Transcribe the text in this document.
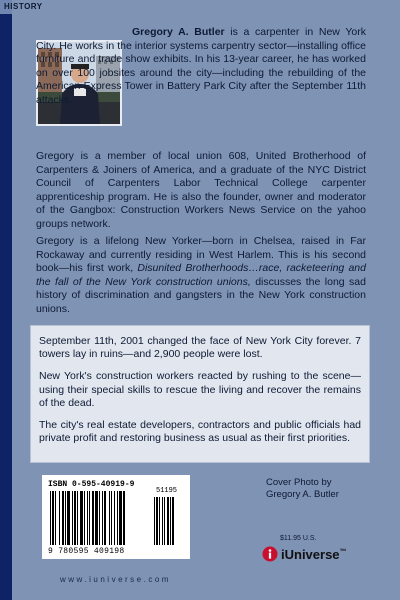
HISTORY

Gregory A. Butler is a carpenter in New York City. He works in the interior systems carpentry sector—installing office furniture and trade show exhibits. In his 13-year career, he has worked on over 100 jobsites around the city—including the rebuilding of the American Express Tower in Battery Park City after the September 11th attacks.

Gregory is a member of local union 608, United Brotherhood of Carpenters & Joiners of America, and a graduate of the NYC District Council of Carpenters Labor Technical College carpenter apprenticeship program. He is also the founder, owner and moderator of the Gangbox: Construction Workers News Service on the yahoo groups network.

Gregory is a lifelong New Yorker—born in Chelsea, raised in Far Rockaway and currently residing in West Harlem. This is his second book—his first work, Disunited Brotherhoods…race, racketeering and the fall of the New York construction unions, discusses the long sad history of discrimination and gangsters in the New York construction unions.

September 11th, 2001 changed the face of New York City forever. 7 towers lay in ruins—and 2,900 people were lost.

New York's construction workers reacted by rushing to the scene—using their special skills to rescue the living and recover the remains of the dead.

The city's real estate developers, contractors and public officials had private profit and restoring business as usual as their first priorities.

ISBN 0-595-40919-9
51195
9 780595 409198
Cover Photo by
Gregory A. Butler
$11.95 U.S.
iUniverse™
www.iuniverse.com
